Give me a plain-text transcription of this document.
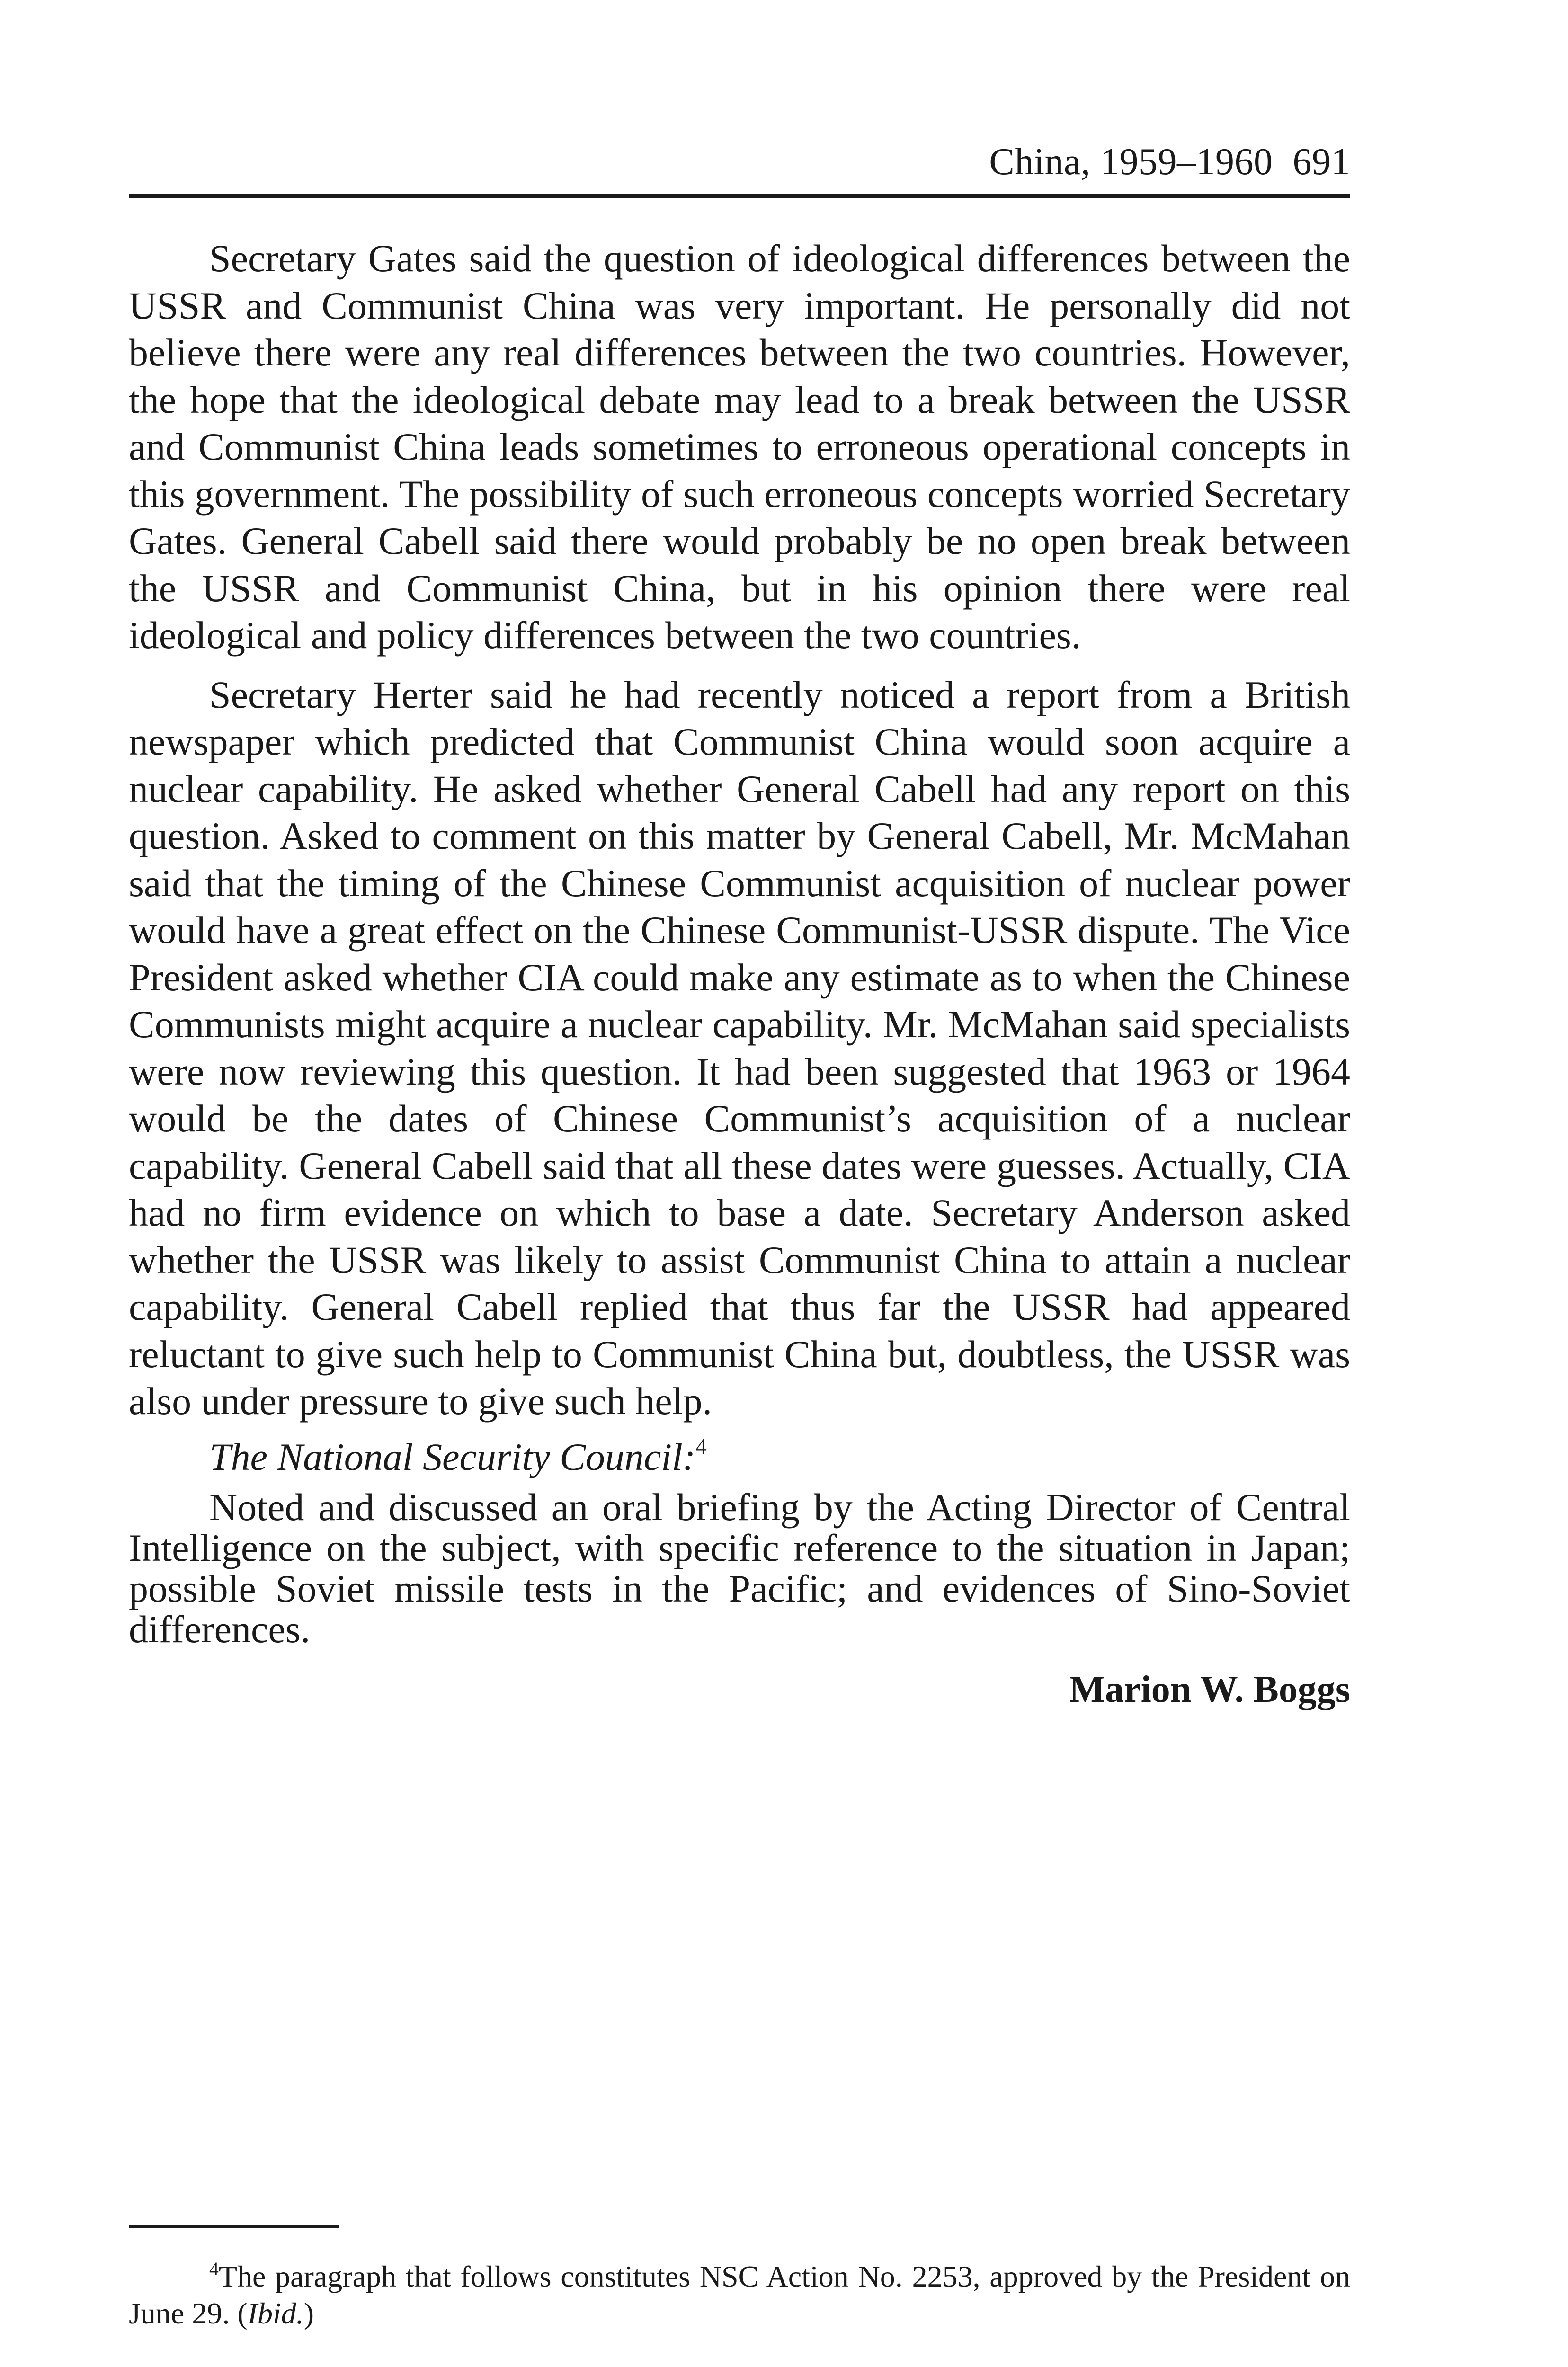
China, 1959–1960 691

Secretary Gates said the question of ideological differences between the USSR and Communist China was very important. He personally did not believe there were any real differences between the two countries. However, the hope that the ideological debate may lead to a break between the USSR and Communist China leads sometimes to erroneous operational concepts in this government. The possibility of such erroneous concepts worried Secretary Gates. General Cabell said there would probably be no open break between the USSR and Communist China, but in his opinion there were real ideological and policy differences between the two countries.

Secretary Herter said he had recently noticed a report from a British newspaper which predicted that Communist China would soon acquire a nuclear capability. He asked whether General Cabell had any report on this question. Asked to comment on this matter by General Cabell, Mr. McMahan said that the timing of the Chinese Communist acquisition of nuclear power would have a great effect on the Chinese Communist-USSR dispute. The Vice President asked whether CIA could make any estimate as to when the Chinese Communists might acquire a nuclear capability. Mr. McMahan said specialists were now reviewing this question. It had been suggested that 1963 or 1964 would be the dates of Chinese Communist’s acquisition of a nuclear capability. General Cabell said that all these dates were guesses. Actually, CIA had no firm evidence on which to base a date. Secretary Anderson asked whether the USSR was likely to assist Communist China to attain a nuclear capability. General Cabell replied that thus far the USSR had appeared reluctant to give such help to Communist China but, doubtless, the USSR was also under pressure to give such help.

The National Security Council:$^4$

Noted and discussed an oral briefing by the Acting Director of Central Intelligence on the subject, with specific reference to the situation in Japan; possible Soviet missile tests in the Pacific; and evidences of Sino-Soviet differences.

Marion W. Boggs
$^4$The paragraph that follows constitutes NSC Action No. 2253, approved by the President on June 29. (Ibid.)
